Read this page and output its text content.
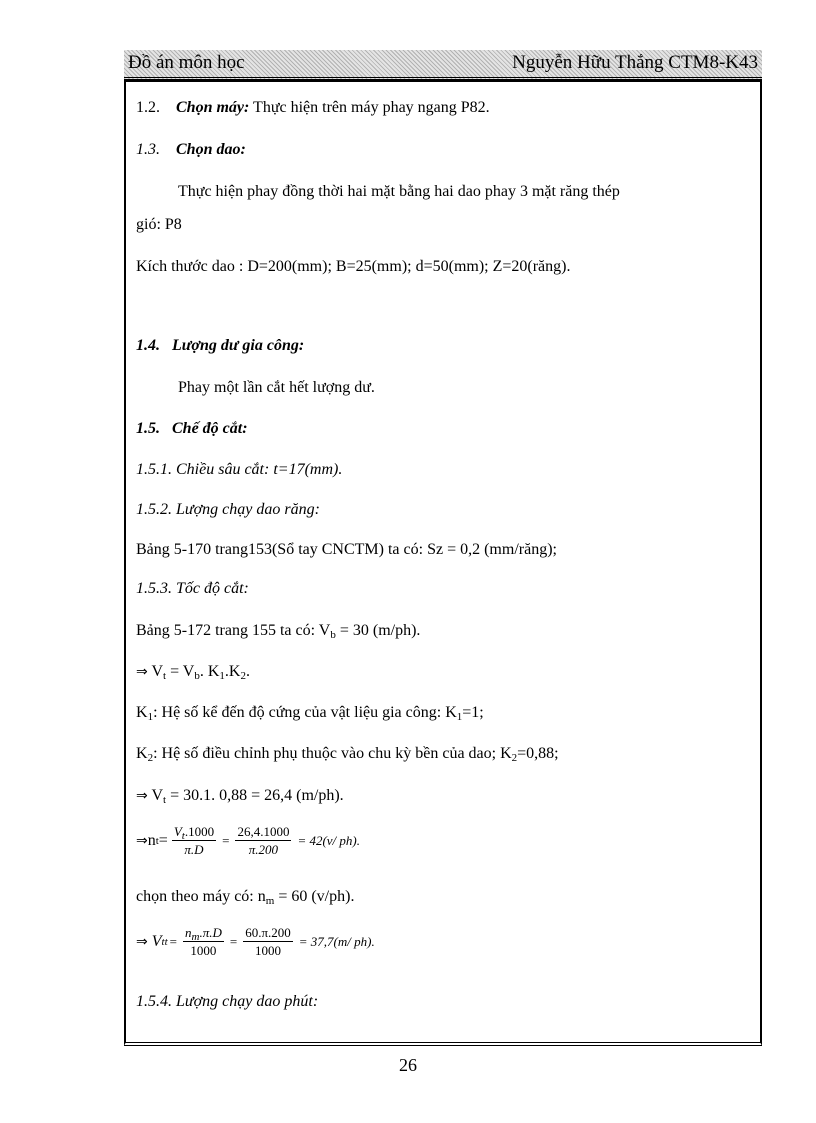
Đồ án môn học	Nguyễn Hữu Thắng CTM8-K43
1.2. Chọn máy: Thực hiện trên máy phay ngang P82.
1.3. Chọn dao:
Thực hiện phay đồng thời hai mặt bằng hai dao phay 3 mặt răng thép
gió: P8
Kích thước dao : D=200(mm); B=25(mm); d=50(mm); Z=20(răng).
1.4. Lượng dư gia công:
Phay một lần cắt hết lượng dư.
1.5. Chế độ cắt:
1.5.1. Chiều sâu cắt: t=17(mm).
1.5.2. Lượng chạy dao răng:
Bảng 5-170 trang153(Sổ tay CNCTM) ta có: Sz = 0,2 (mm/răng);
1.5.3. Tốc độ cắt:
Bảng 5-172 trang 155 ta có: $V_b = 30$ (m/ph).
⇒ $V_t = V_b$. $K_1.K_2$.
$K_1$: Hệ số kể đến độ cứng của vật liệu gia công: $K_1=1$;
$K_2$: Hệ số điều chỉnh phụ thuộc vào chu kỳ bền của dao; $K_2=0,88$;
⇒ $V_t = 30.1$. 0,88 = 26,4 (m/ph).
⇒ n $t = \frac{V_t.1000}{\pi.D} = \frac{26,4.1000}{\pi.200} = 42(v/$ ph).
chọn theo máy có: $n_m = 60$ (v/ph).
⇒
V tt = $\frac{n_m.\pi.D}{1000} = \frac{60.\pi.200}{1000} = 37,7(m/$ ph).
1.5.4. Lượng chạy dao phút:
26
